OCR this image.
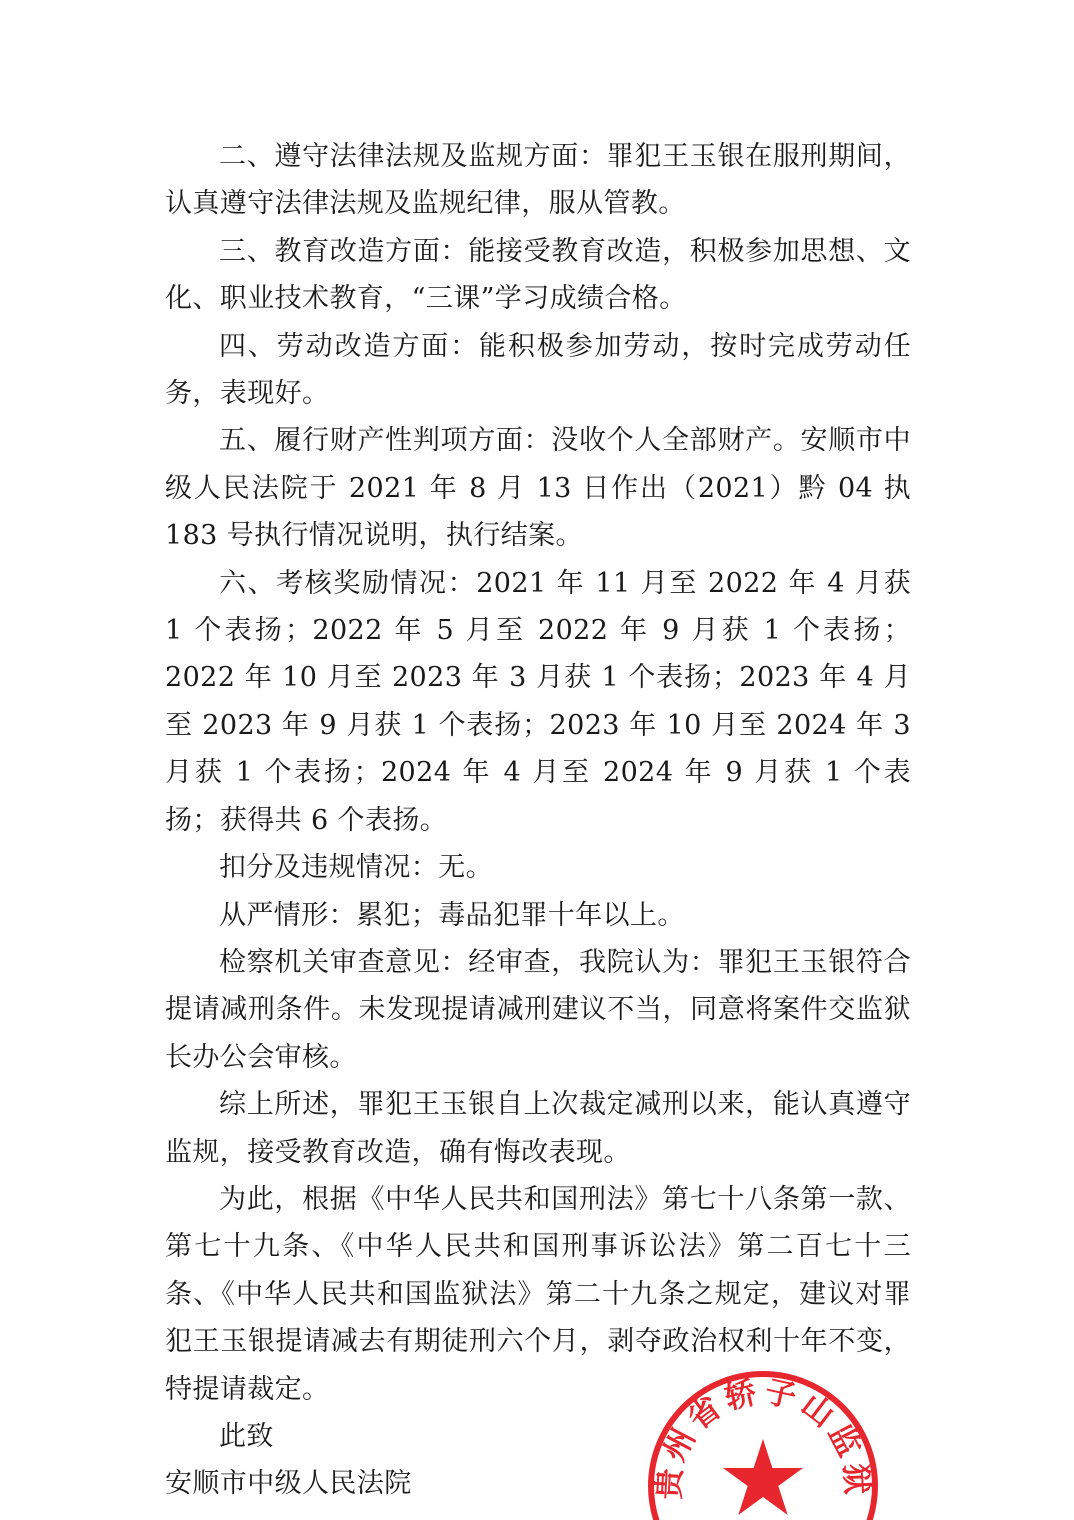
二、遵守法律法规及监规方面：罪犯王玉银在服刑期间，认真遵守法律法规及监规纪律，服从管教。

三、教育改造方面：能接受教育改造，积极参加思想、文化、职业技术教育，“三课”学习成绩合格。

四、劳动改造方面：能积极参加劳动，按时完成劳动任务，表现好。

五、履行财产性判项方面：没收个人全部财产。安顺市中级人民法院于 2021 年 8 月 13 日作出（2021）黔 04 执 183 号执行情况说明，执行结案。

六、考核奖励情况：2021 年 11 月至 2022 年 4 月获 1 个表扬；2022 年 5 月至 2022 年 9 月获 1 个表扬；2022 年 10 月至 2023 年 3 月获 1 个表扬；2023 年 4 月至 2023 年 9 月获 1 个表扬；2023 年 10 月至 2024 年 3 月获 1 个表扬；2024 年 4 月至 2024 年 9 月获 1 个表扬；获得共 6 个表扬。

扣分及违规情况：无。

从严情形：累犯；毒品犯罪十年以上。

检察机关审查意见：经审查，我院认为：罪犯王玉银符合提请减刑条件。未发现提请减刑建议不当，同意将案件交监狱长办公会审核。

综上所述，罪犯王玉银自上次裁定减刑以来，能认真遵守监规，接受教育改造，确有悔改表现。

为此，根据《中华人民共和国刑法》第七十八条第一款、第七十九条、《中华人民共和国刑事诉讼法》第二百七十三条、《中华人民共和国监狱法》第二十九条之规定，建议对罪犯王玉银提请减去有期徒刑六个月，剥夺政治权利十年不变，特提请裁定。

此致

安顺市中级人民法院	贵州省轿子山监狱
